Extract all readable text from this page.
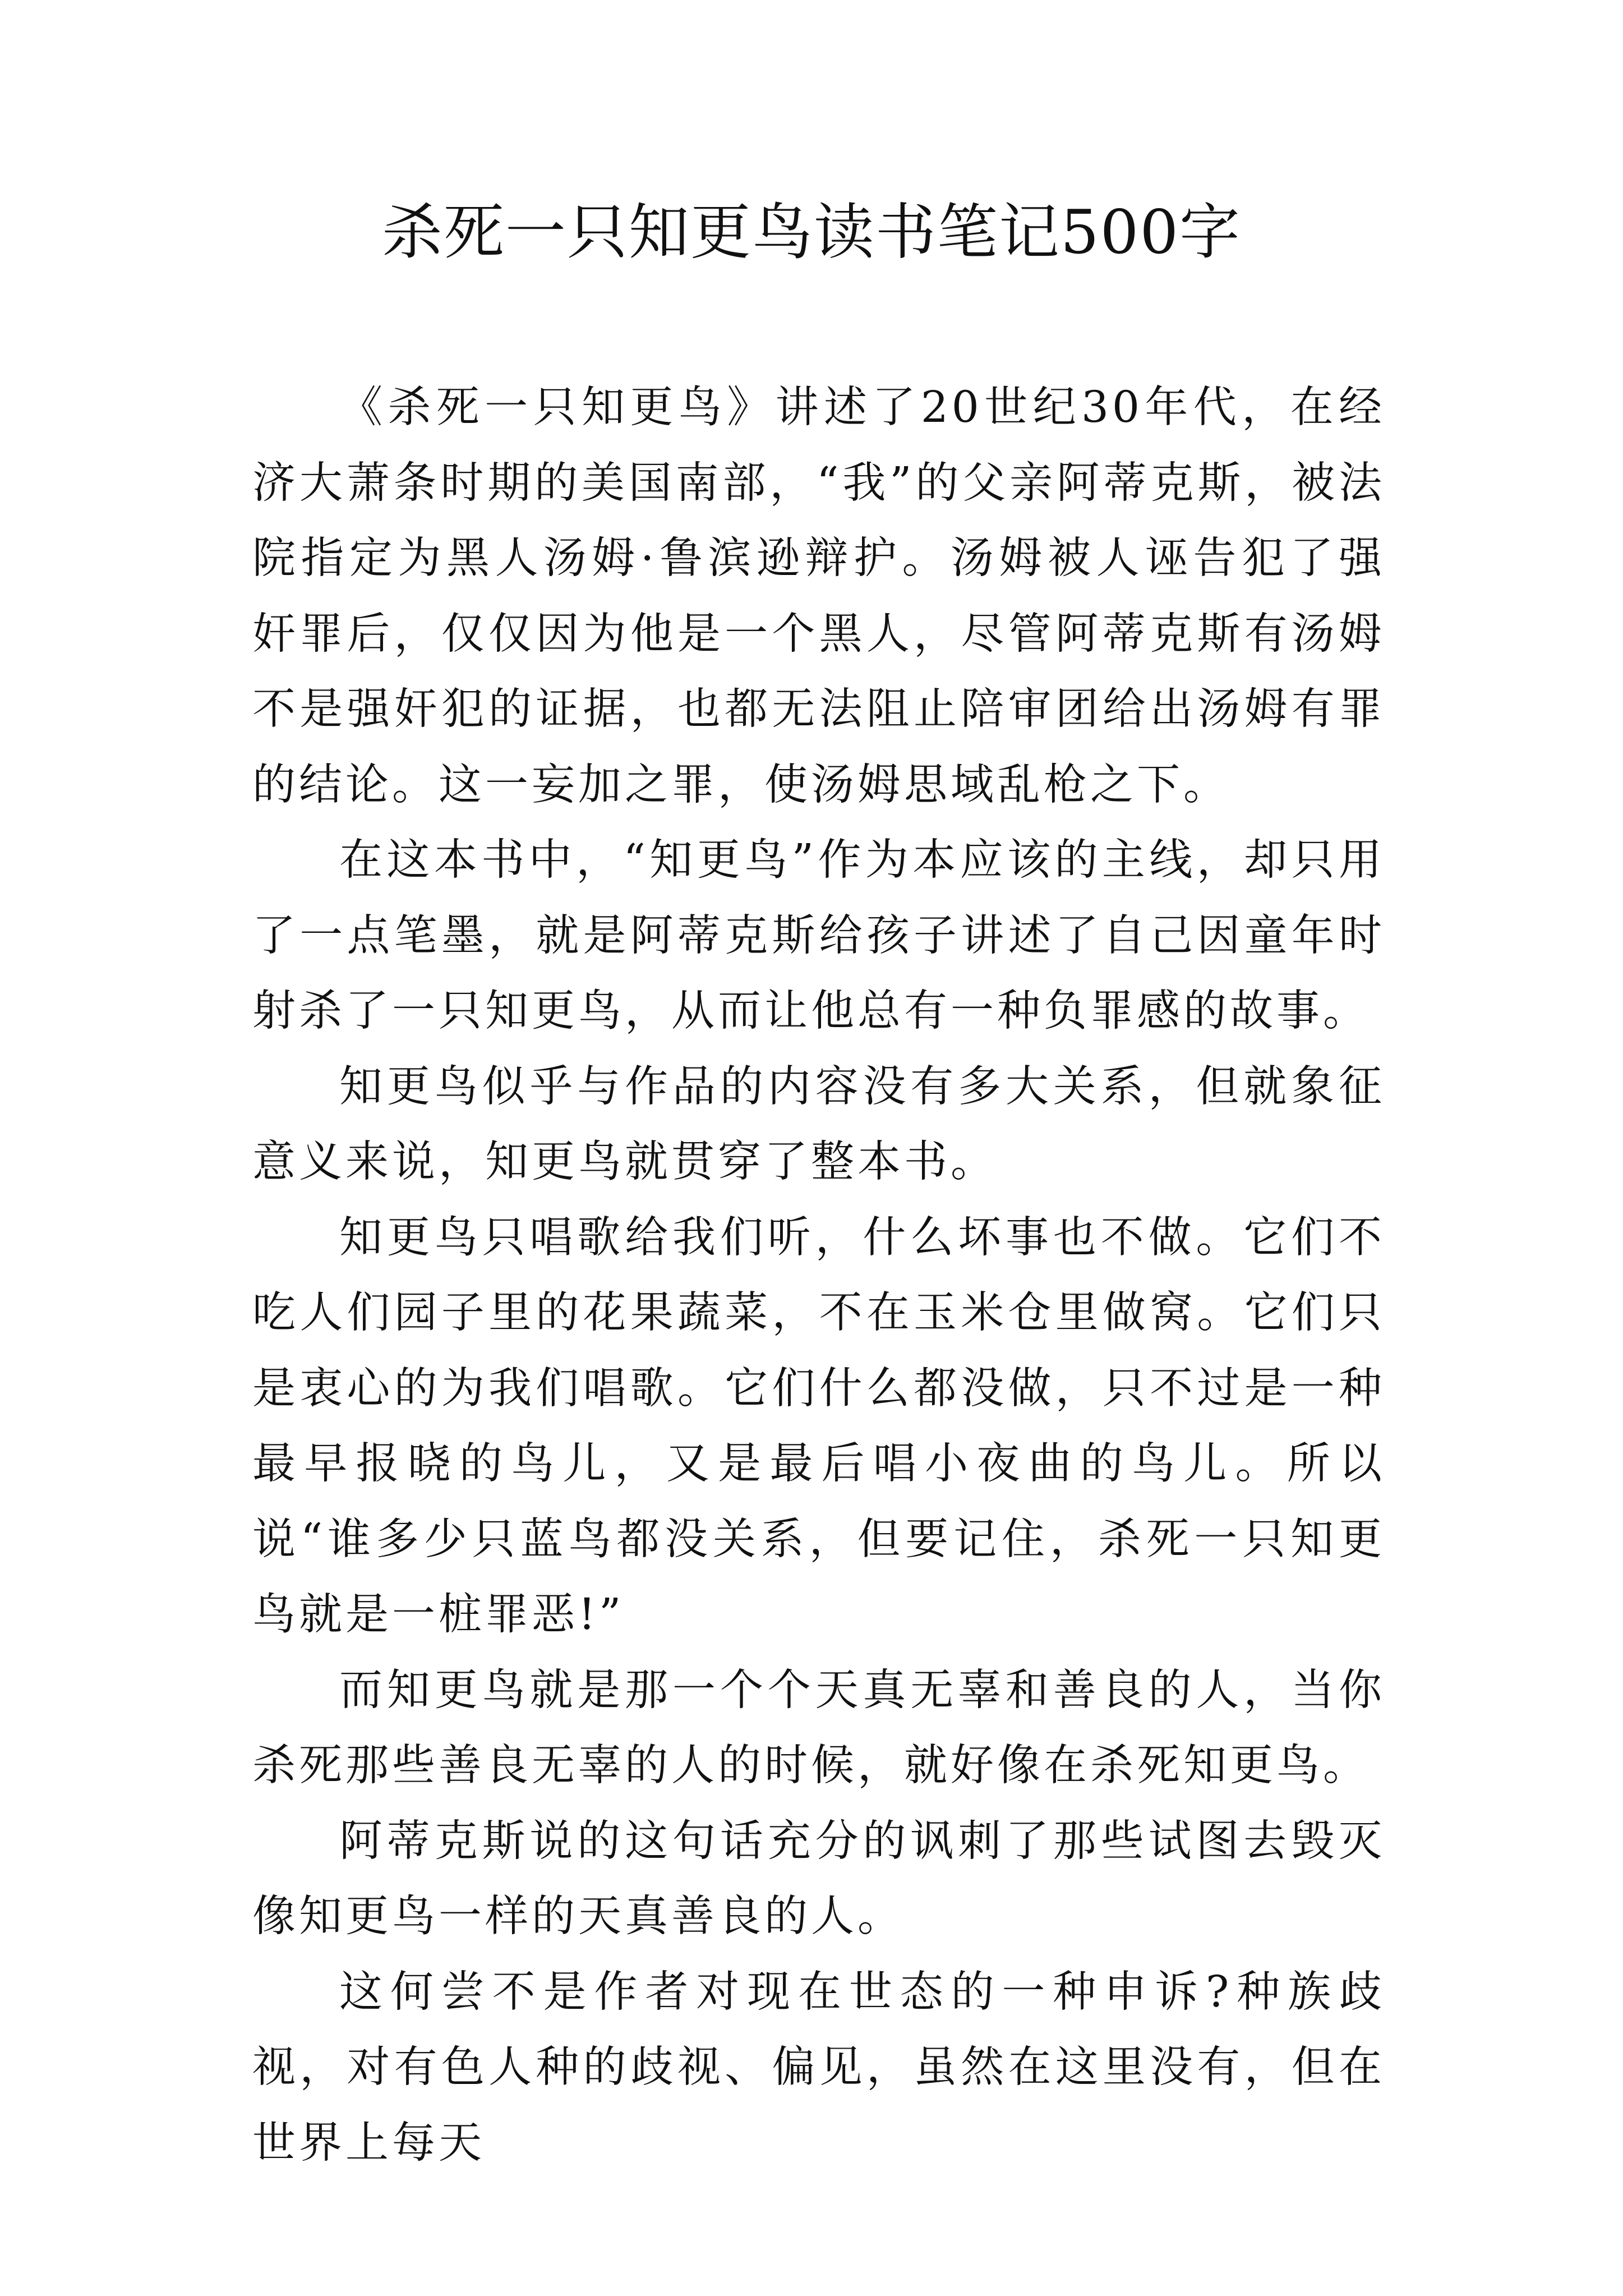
杀死一只知更鸟读书笔记500字

《杀死一只知更鸟》讲述了20世纪30年代，在经济大萧条时期的美国南部，“我”的父亲阿蒂克斯，被法院指定为黑人汤姆·鲁滨逊辩护。汤姆被人诬告犯了强奸罪后，仅仅因为他是一个黑人，尽管阿蒂克斯有汤姆不是强奸犯的证据，也都无法阻止陪审团给出汤姆有罪的结论。这一妄加之罪，使汤姆思域乱枪之下。

在这本书中，“知更鸟”作为本应该的主线，却只用了一点笔墨，就是阿蒂克斯给孩子讲述了自己因童年时射杀了一只知更鸟，从而让他总有一种负罪感的故事。

知更鸟似乎与作品的内容没有多大关系，但就象征意义来说，知更鸟就贯穿了整本书。

知更鸟只唱歌给我们听，什么坏事也不做。它们不吃人们园子里的花果蔬菜，不在玉米仓里做窝。它们只是衷心的为我们唱歌。它们什么都没做，只不过是一种最早报晓的鸟儿，又是最后唱小夜曲的鸟儿。所以说“谁多少只蓝鸟都没关系，但要记住，杀死一只知更鸟就是一桩罪恶!”

而知更鸟就是那一个个天真无辜和善良的人，当你杀死那些善良无辜的人的时候，就好像在杀死知更鸟。

阿蒂克斯说的这句话充分的讽刺了那些试图去毁灭像知更鸟一样的天真善良的人。

这何尝不是作者对现在世态的一种申诉?种族歧视，对有色人种的歧视、偏见，虽然在这里没有，但在世界上每天
